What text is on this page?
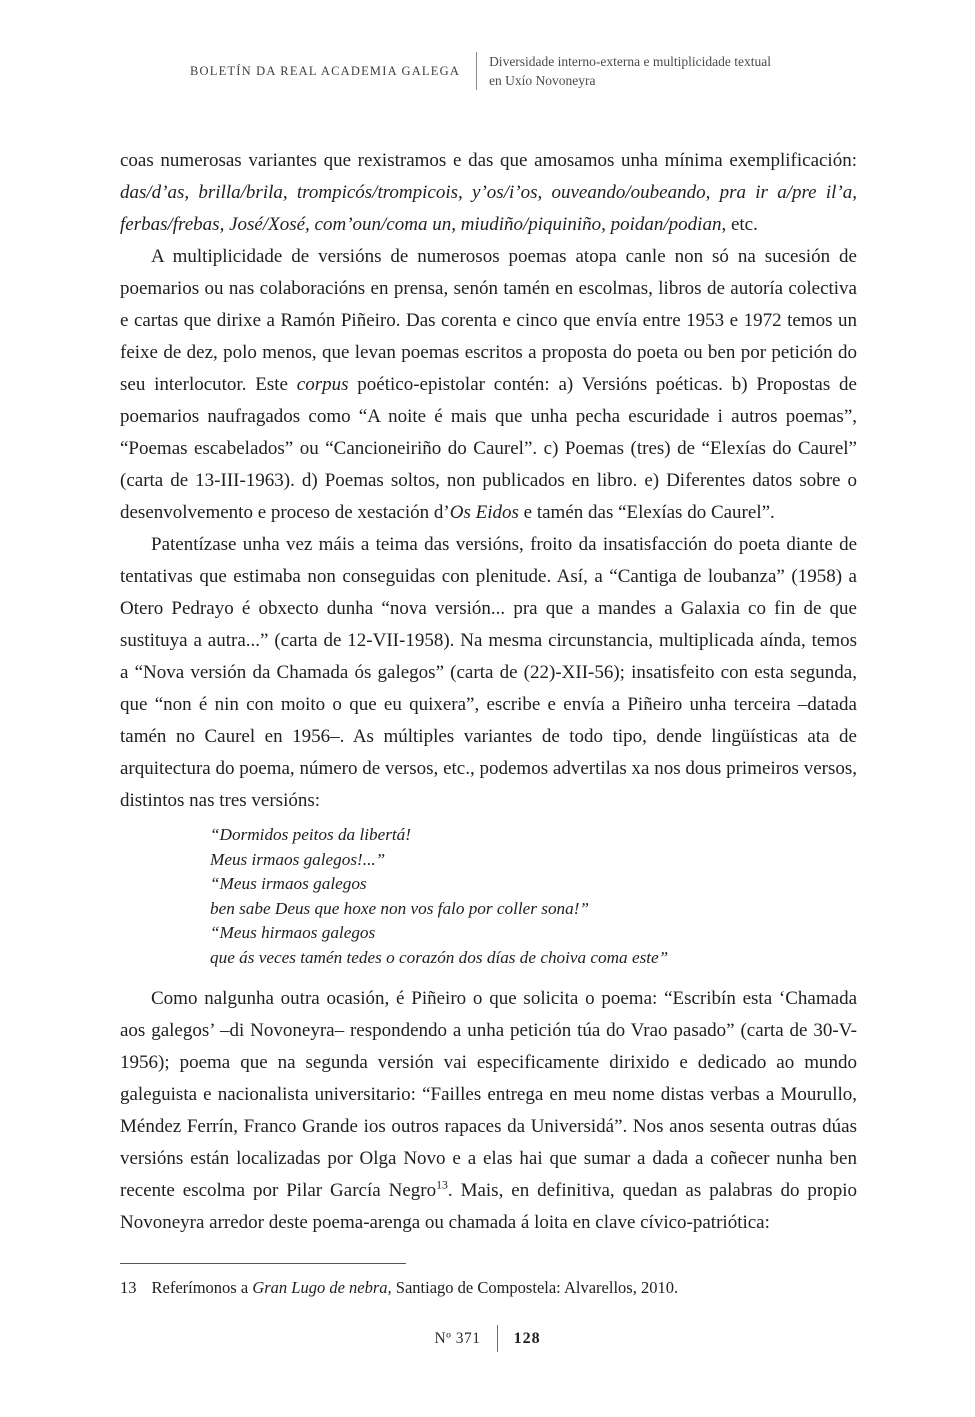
BOLETÍN DA REAL ACADEMIA GALEGA
Diversidade interno-externa e multiplicidade textual
en Uxío Novoneyra

coas numerosas variantes que rexistramos e das que amosamos unha mínima exemplificación: das/d’as, brilla/brila, trompicós/trompicois, y’os/i’os, ouveando/oubeando, pra ir a/pre il’a, ferbas/frebas, José/Xosé, com’oun/coma un, miudiño/piquiniño, poidan/podian, etc.

A multiplicidade de versións de numerosos poemas atopa canle non só na sucesión de poemarios ou nas colaboracións en prensa, senón tamén en escolmas, libros de autoría colectiva e cartas que dirixe a Ramón Piñeiro. Das corenta e cinco que envía entre 1953 e 1972 temos un feixe de dez, polo menos, que levan poemas escritos a proposta do poeta ou ben por petición do seu interlocutor. Este corpus poético-epistolar contén: a) Versións poéticas. b) Propostas de poemarios naufragados como “A noite é mais que unha pecha escuridade i autros poemas”, “Poemas escabelados” ou “Cancioneiriño do Caurel”. c) Poemas (tres) de “Elexías do Caurel” (carta de 13-III-1963). d) Poemas soltos, non publicados en libro. e) Diferentes datos sobre o desenvolvemento e proceso de xestación d’Os Eidos e tamén das “Elexías do Caurel”.

Patentízase unha vez máis a teima das versións, froito da insatisfacción do poeta diante de tentativas que estimaba non conseguidas con plenitude. Así, a “Cantiga de loubanza” (1958) a Otero Pedrayo é obxecto dunha “nova versión... pra que a mandes a Galaxia co fin de que sustituya a autra...” (carta de 12-VII-1958). Na mesma circunstancia, multiplicada aínda, temos a “Nova versión da Chamada ós galegos” (carta de (22)-XII-56); insatisfeito con esta segunda, que “non é nin con moito o que eu quixera”, escribe e envía a Piñeiro unha terceira –datada tamén no Caurel en 1956–. As múltiples variantes de todo tipo, dende lingüísticas ata de arquitectura do poema, número de versos, etc., podemos advertilas xa nos dous primeiros versos, distintos nas tres versións:

“Dormidos peitos da libertá!
Meus irmaos galegos!...”
“Meus irmaos galegos
ben sabe Deus que hoxe non vos falo por coller sona!”
“Meus hirmaos galegos
que ás veces tamén tedes o corazón dos días de choiva coma este”

Como nalgunha outra ocasión, é Piñeiro o que solicita o poema: “Escribín esta ‘Chamada aos galegos’ –di Novoneyra– respondendo a unha petición túa do Vrao pasado” (carta de 30-V-1956); poema que na segunda versión vai especificamente dirixido e dedicado ao mundo galeguista e nacionalista universitario: “Failles entrega en meu nome distas verbas a Mourullo, Méndez Ferrín, Franco Grande ios outros rapaces da Universidá”. Nos anos sesenta outras dúas versións están localizadas por Olga Novo e a elas hai que sumar a dada a coñecer nunha ben recente escolma por Pilar García Negro$^{13}$. Mais, en definitiva, quedan as palabras do propio Novoneyra arredor deste poema-arenga ou chamada á loita en clave cívico-patriótica:

13 Referímonos a Gran Lugo de nebra, Santiago de Compostela: Alvarellos, 2010.
Nº 371 128
